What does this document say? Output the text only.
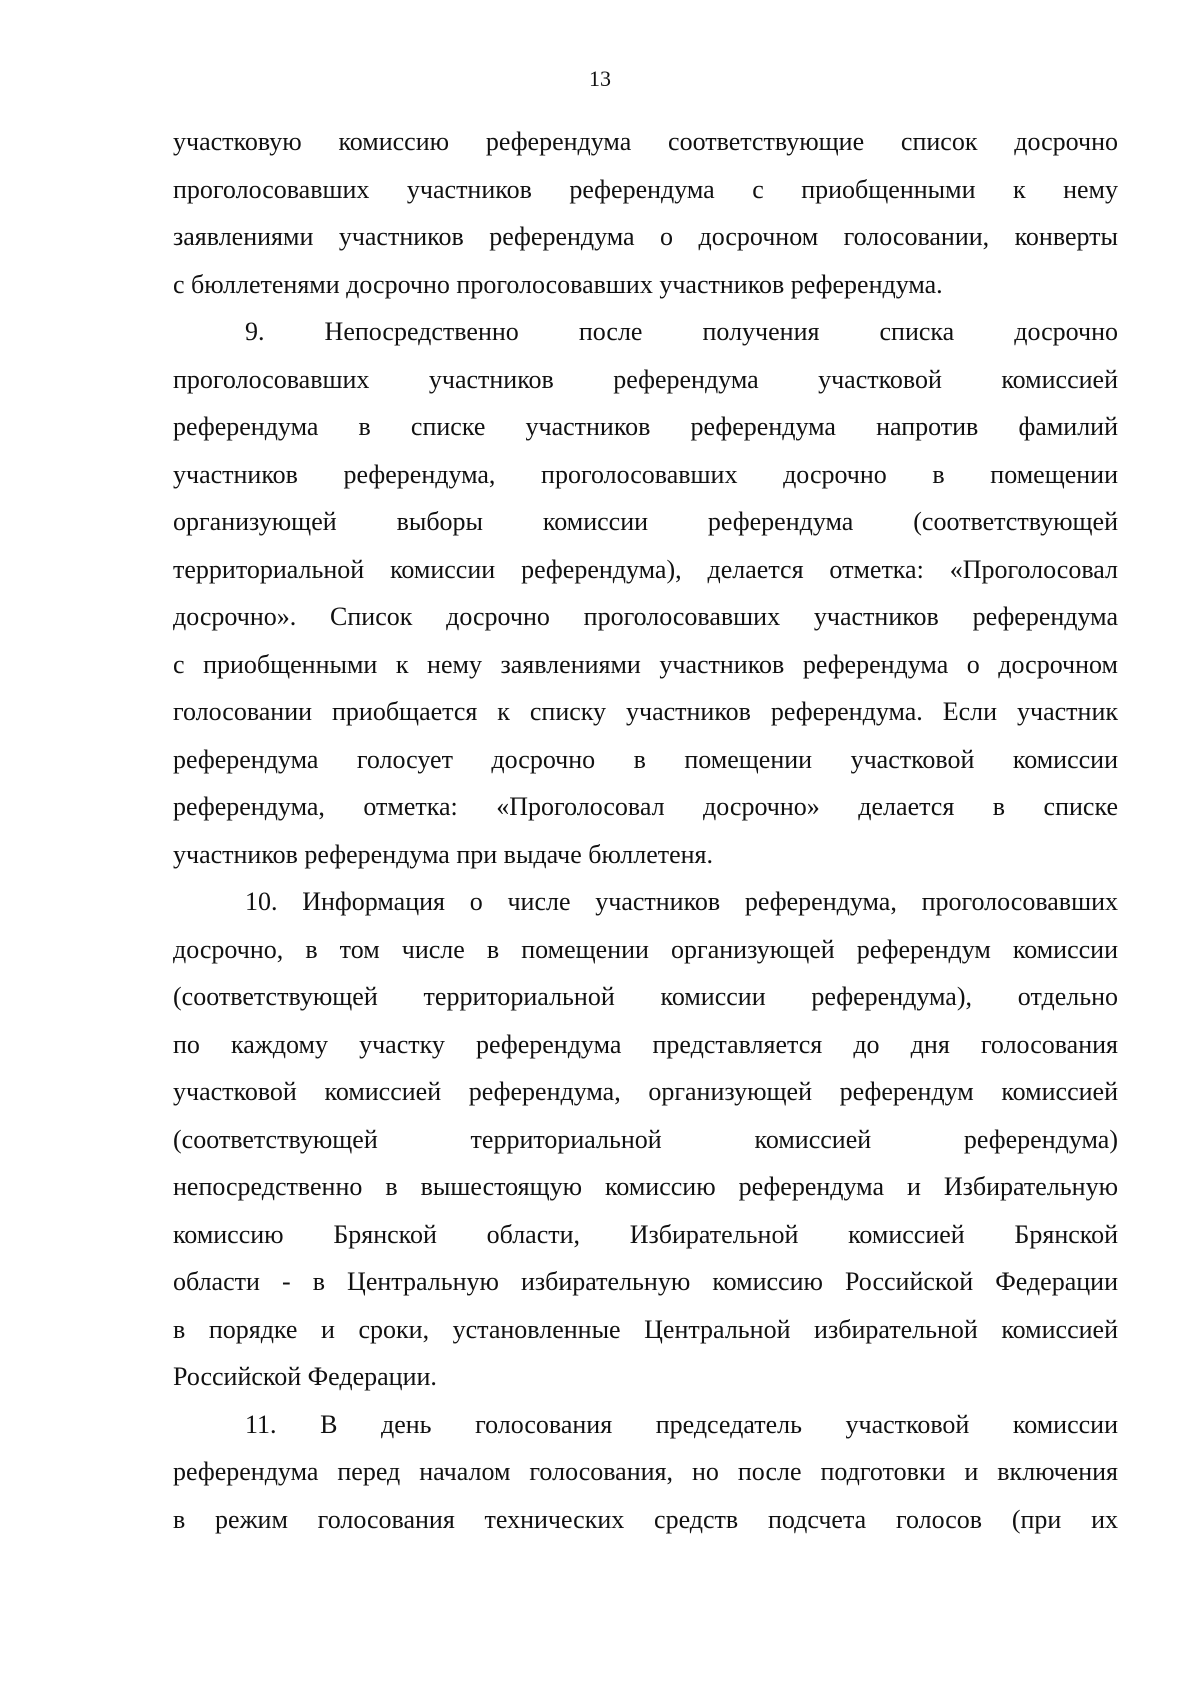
13
участковую комиссию референдума соответствующие список досрочно
проголосовавших участников референдума с приобщенными к нему
заявлениями участников референдума о досрочном голосовании, конверты
с бюллетенями досрочно проголосовавших участников референдума.
9. Непосредственно после получения списка досрочно
проголосовавших участников референдума участковой комиссией
референдума в списке участников референдума напротив фамилий
участников референдума, проголосовавших досрочно в помещении
организующей выборы комиссии референдума (соответствующей
территориальной комиссии референдума), делается отметка: «Проголосовал
досрочно». Список досрочно проголосовавших участников референдума
с приобщенными к нему заявлениями участников референдума о досрочном
голосовании приобщается к списку участников референдума. Если участник
референдума голосует досрочно в помещении участковой комиссии
референдума, отметка: «Проголосовал досрочно» делается в списке
участников референдума при выдаче бюллетеня.
10. Информация о числе участников референдума, проголосовавших
досрочно, в том числе в помещении организующей референдум комиссии
(соответствующей территориальной комиссии референдума), отдельно
по каждому участку референдума представляется до дня голосования
участковой комиссией референдума, организующей референдум комиссией
(соответствующей территориальной комиссией референдума)
непосредственно в вышестоящую комиссию референдума и Избирательную
комиссию Брянской области, Избирательной комиссией Брянской
области - в Центральную избирательную комиссию Российской Федерации
в порядке и сроки, установленные Центральной избирательной комиссией
Российской Федерации.
11. В день голосования председатель участковой комиссии
референдума перед началом голосования, но после подготовки и включения
в режим голосования технических средств подсчета голосов (при их
